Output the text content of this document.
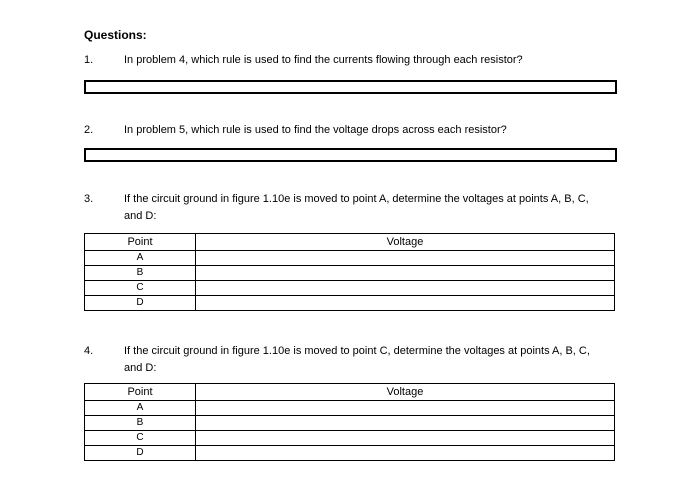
Questions:
1.	In problem 4, which rule is used to find the currents flowing through each resistor?
2.	In problem 5, which rule is used to find the voltage drops across each resistor?
3.	If the circuit ground in figure 1.10e is moved to point A, determine the voltages at points A, B, C,
and D:
Point	Voltage
A	
B	
C	
D	
4.	If the circuit ground in figure 1.10e is moved to point C, determine the voltages at points A, B, C,
and D:
Point	Voltage
A	
B	
C	
D	
